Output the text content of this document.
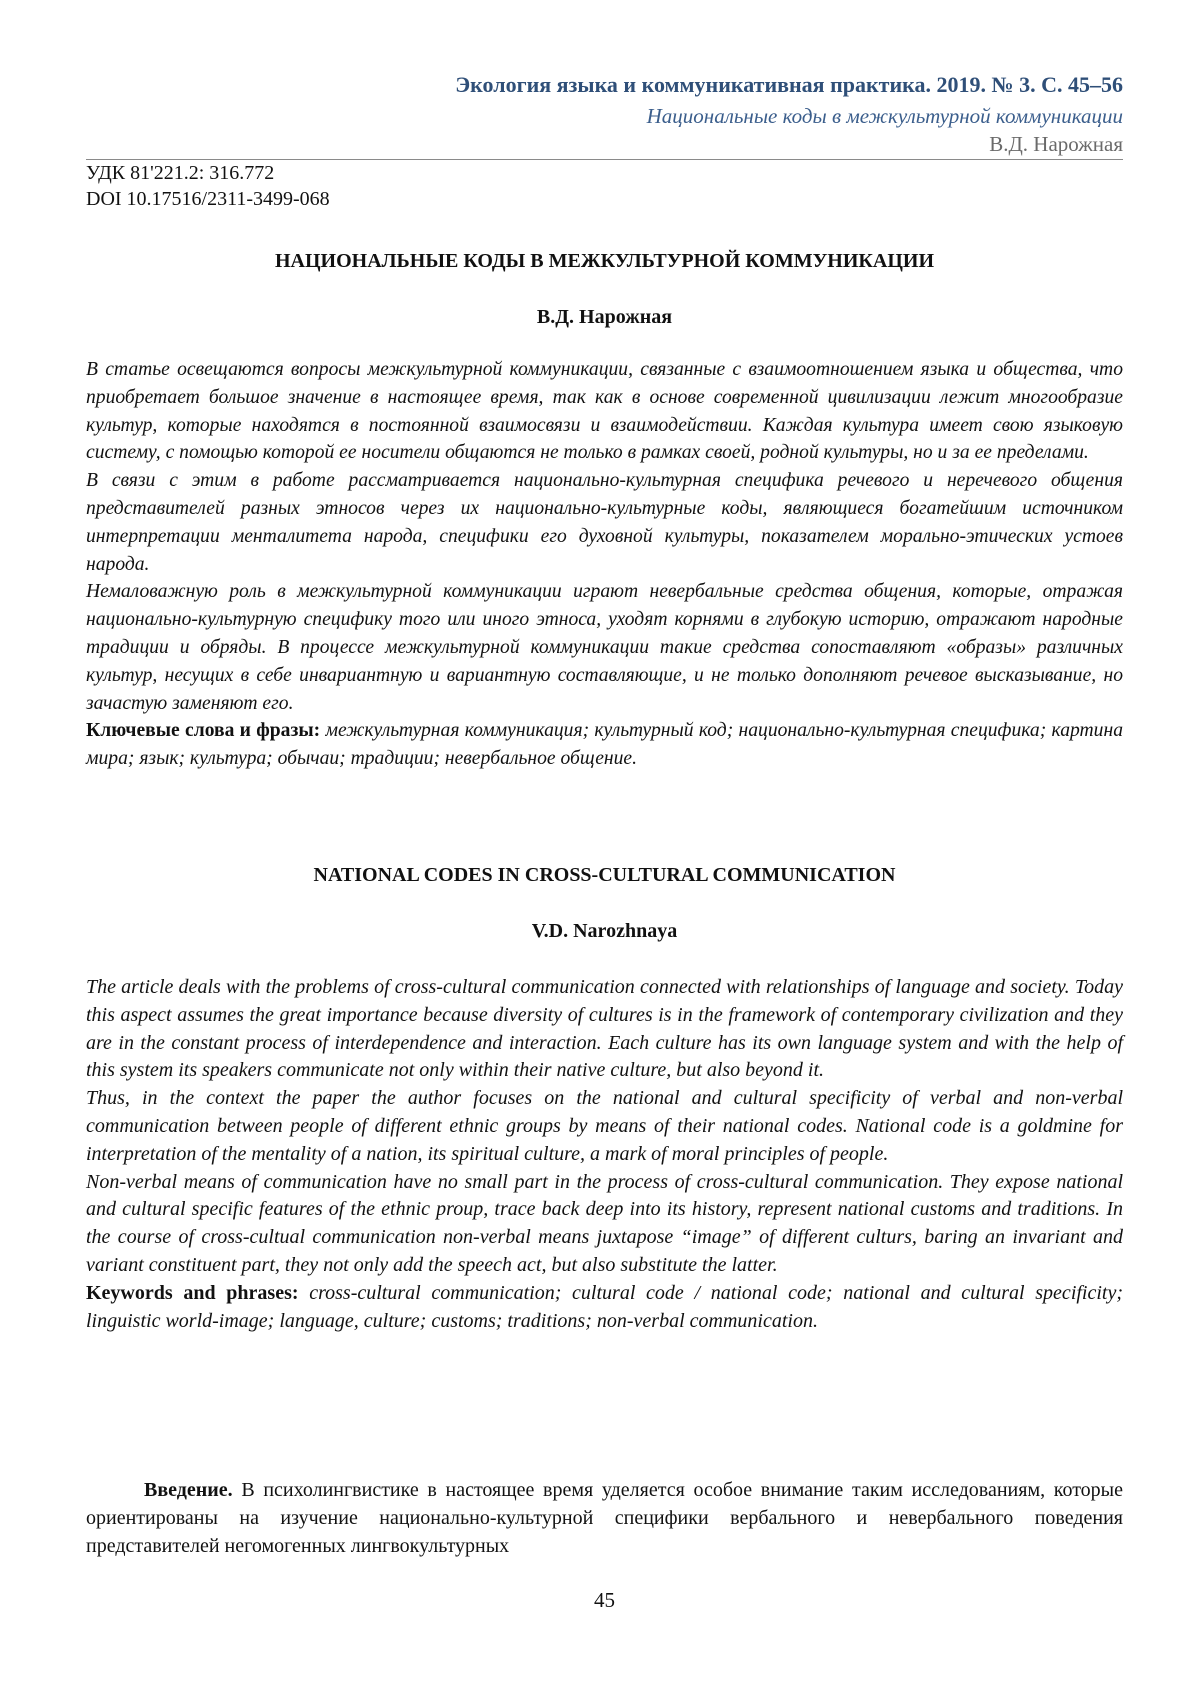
Экология языка и коммуникативная практика. 2019. № 3. С. 45–56
Национальные коды в межкультурной коммуникации
В.Д. Нарожная
УДК 81'221.2: 316.772
DOI 10.17516/2311-3499-068
НАЦИОНАЛЬНЫЕ КОДЫ В МЕЖКУЛЬТУРНОЙ КОММУНИКАЦИИ
В.Д. Нарожная

В статье освещаются вопросы межкультурной коммуникации, связанные с взаимоотношением языка и общества, что приобретает большое значение в настоящее время, так как в основе современной цивилизации лежит многообразие культур, которые находятся в постоянной взаимосвязи и взаимодействии. Каждая культура имеет свою языковую систему, с помощью которой ее носители общаются не только в рамках своей, родной культуры, но и за ее пределами.

В связи с этим в работе рассматривается национально-культурная специфика речевого и неречевого общения представителей разных этносов через их национально-культурные коды, являющиеся богатейшим источником интерпретации менталитета народа, специфики его духовной культуры, показателем морально-этических устоев народа.

Немаловажную роль в межкультурной коммуникации играют невербальные средства общения, которые, отражая национально-культурную специфику того или иного этноса, уходят корнями в глубокую историю, отражают народные традиции и обряды. В процессе межкультурной коммуникации такие средства сопоставляют «образы» различных культур, несущих в себе инвариантную и вариантную составляющие, и не только дополняют речевое высказывание, но зачастую заменяют его.

Ключевые слова и фразы: межкультурная коммуникация; культурный код; национально-культурная специфика; картина мира; язык; культура; обычаи; традиции; невербальное общение.

NATIONAL CODES IN CROSS-CULTURAL COMMUNICATION
V.D. Narozhnaya

The article deals with the problems of cross-cultural communication connected with relationships of language and society. Today this aspect assumes the great importance because diversity of cultures is in the framework of contemporary civilization and they are in the constant process of interdependence and interaction. Each culture has its own language system and with the help of this system its speakers communicate not only within their native culture, but also beyond it.

Thus, in the context the paper the author focuses on the national and cultural specificity of verbal and non-verbal communication between people of different ethnic groups by means of their national codes. National code is a goldmine for interpretation of the mentality of a nation, its spiritual culture, a mark of moral principles of people.

Non-verbal means of communication have no small part in the process of cross-cultural communication. They expose national and cultural specific features of the ethnic proup, trace back deep into its history, represent national customs and traditions. In the course of cross-cultual communication non-verbal means juxtapose “image” of different culturs, baring an invariant and variant constituent part, they not only add the speech act, but also substitute the latter.

Keywords and phrases: cross-cultural communication; cultural code / national code; national and cultural specificity; linguistic world-image; language, culture; customs; traditions; non-verbal communication.

Введение. В психолингвистике в настоящее время уделяется особое внимание таким исследованиям, которые ориентированы на изучение национально-культурной специфики вербального и невербального поведения представителей негомогенных лингвокультурных

45
